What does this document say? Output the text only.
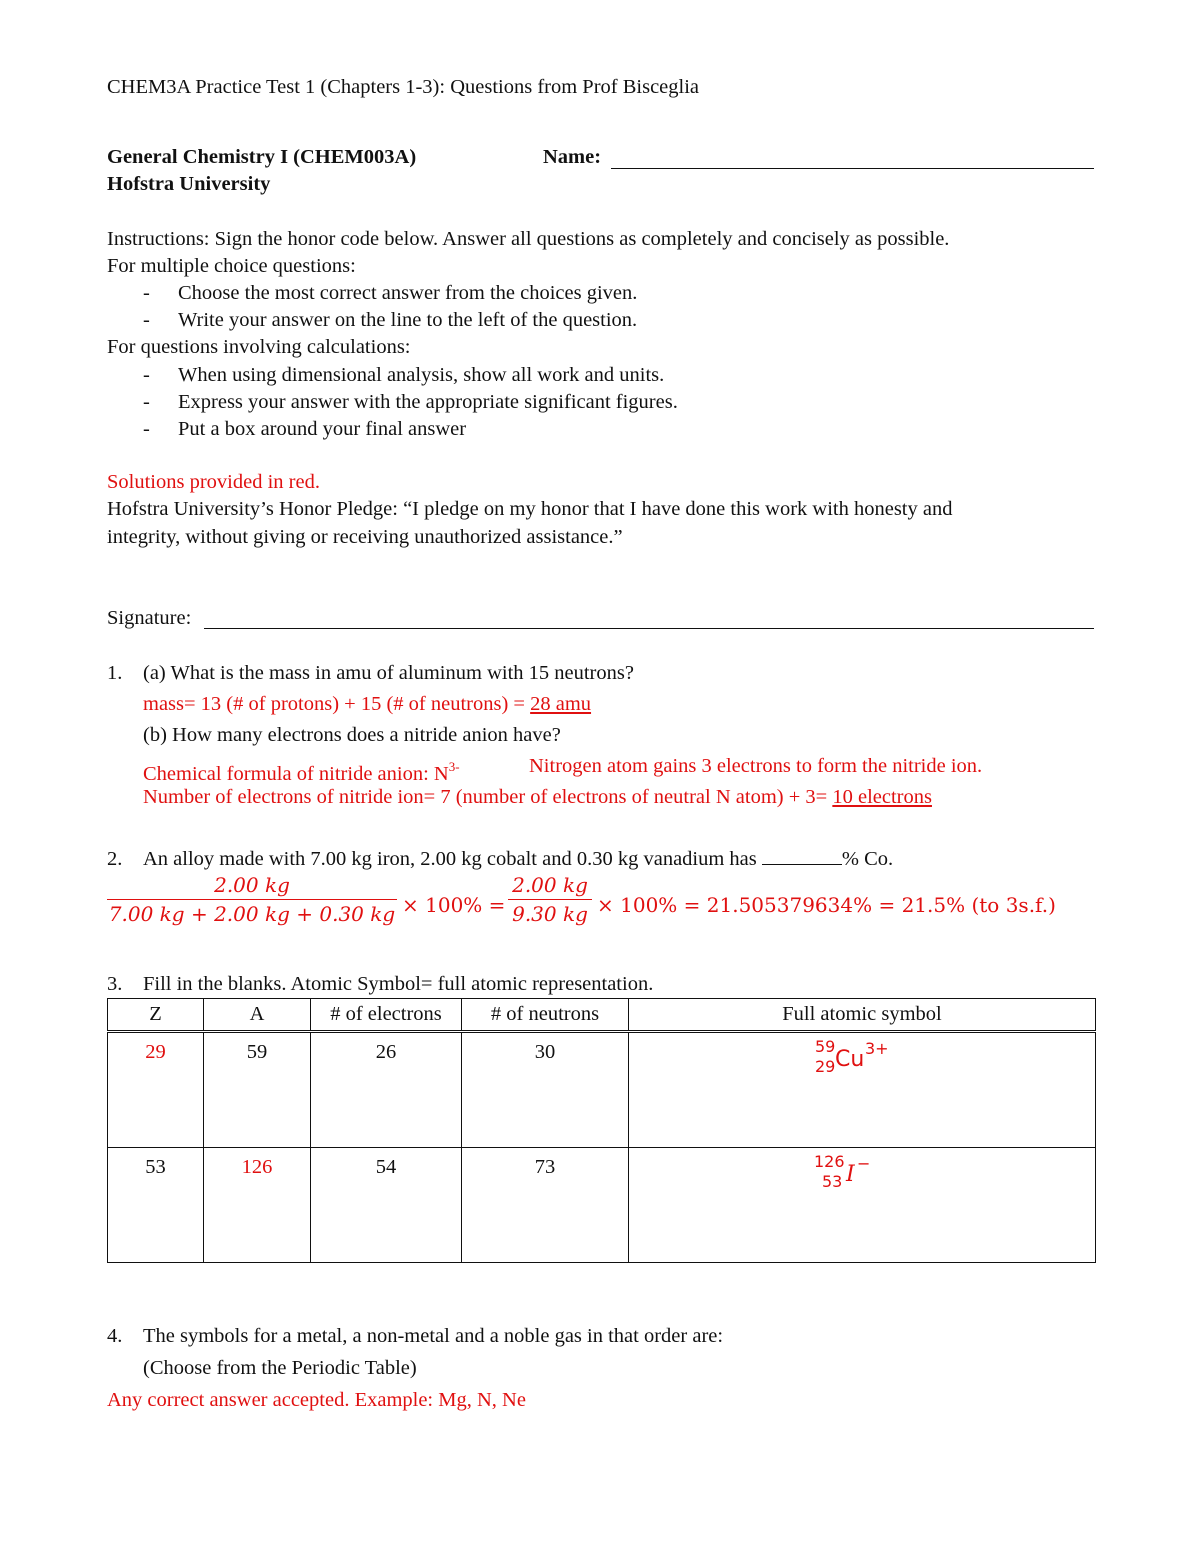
CHEM3A Practice Test 1 (Chapters 1-3): Questions from Prof Bisceglia
General Chemistry I (CHEM003A)
Hofstra University
Name:
Instructions: Sign the honor code below. Answer all questions as completely and concisely as possible.
For multiple choice questions:
- Choose the most correct answer from the choices given.
- Write your answer on the line to the left of the question.
For questions involving calculations:
- When using dimensional analysis, show all work and units.
- Express your answer with the appropriate significant figures.
- Put a box around your final answer
Solutions provided in red.
Hofstra University’s Honor Pledge: “I pledge on my honor that I have done this work with honesty and
integrity, without giving or receiving unauthorized assistance.”
Signature:
1. (a) What is the mass in amu of aluminum with 15 neutrons?
mass= 13 (# of protons) + 15 (# of neutrons) = 28 amu
(b) How many electrons does a nitride anion have?
Chemical formula of nitride anion: $N^{3-}$	Nitrogen atom gains 3 electrons to form the nitride ion.
Number of electrons of nitride ion= 7 (number of electrons of neutral N atom) + 3= 10 electrons
2. An alloy made with 7.00 kg iron, 2.00 kg cobalt and 0.30 kg vanadium has	% Co.
2.00 kg
7.00 kg + 2.00 kg + 0.30 kg × 100% =
2.00 kg
9.30 kg × 100% = 21.505379634% = 21.5% (to 3s.f.)
3. Fill in the blanks. Atomic Symbol= full atomic representation.
Z	A	# of electrons	# of neutrons	Full atomic symbol
29	59	26	30	59
29 Cu 3+

53	126	54	73	126
53 I −
4. The symbols for a metal, a non-metal and a noble gas in that order are:
(Choose from the Periodic Table)
Any correct answer accepted. Example: Mg, N, Ne
